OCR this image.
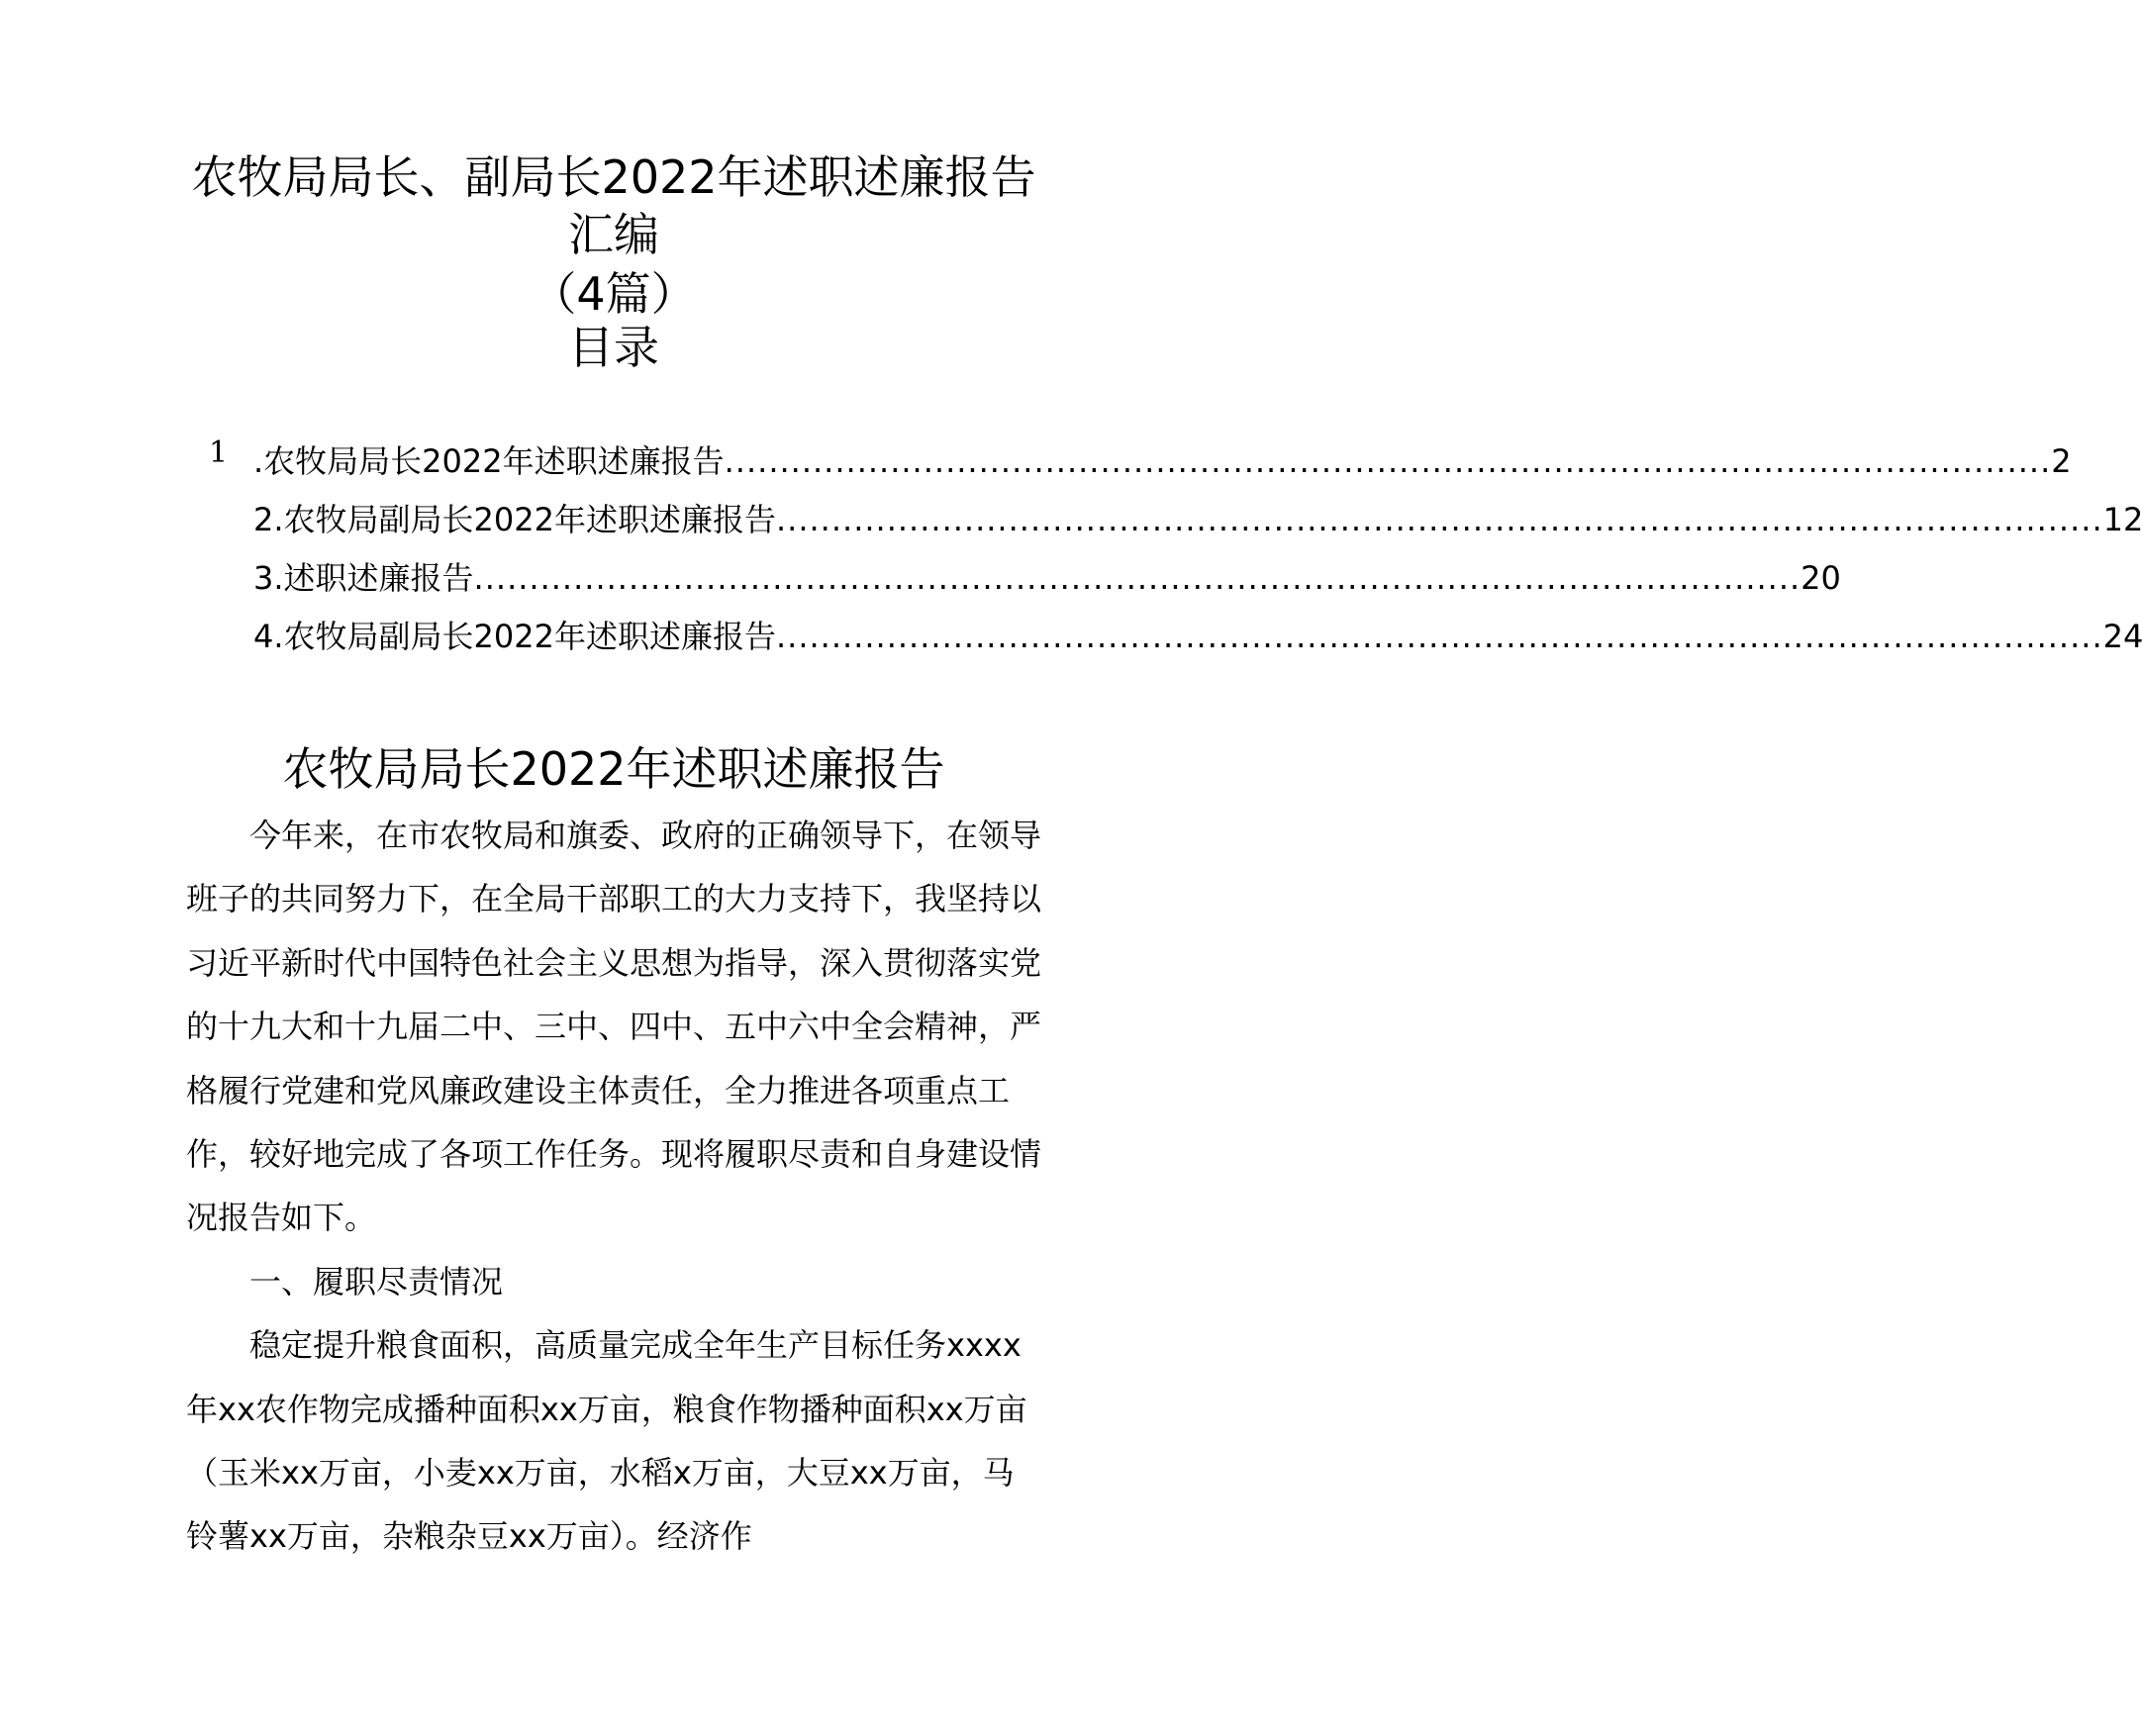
农牧局局长、副局长2022年述职述廉报告
汇编
（4篇）
目录
1 .农牧局局长2022年述职述廉报告 ........................................................................................................................ 2
2.农牧局副局长2022年述职述廉报告 ........................................................................................................................ 12
3.述职述廉报告 ........................................................................................................................ 20
4.农牧局副局长2022年述职述廉报告 ........................................................................................................................ 24
农牧局局长2022年述职述廉报告

今年来，在市农牧局和旗委、政府的正确领导下，在领导班子的共同努力下，在全局干部职工的大力支持下，我坚持以习近平新时代中国特色社会主义思想为指导，深入贯彻落实党的十九大和十九届二中、三中、四中、五中六中全会精神，严格履行党建和党风廉政建设主体责任，全力推进各项重点工作，较好地完成了各项工作任务。现将履职尽责和自身建设情况报告如下。

一、履职尽责情况

稳定提升粮食面积，高质量完成全年生产目标任务xxxx年xx农作物完成播种面积xx万亩，粮食作物播种面积xx万亩（玉米xx万亩，小麦xx万亩，水稻x万亩，大豆xx万亩，马铃薯xx万亩，杂粮杂豆xx万亩）。经济作
